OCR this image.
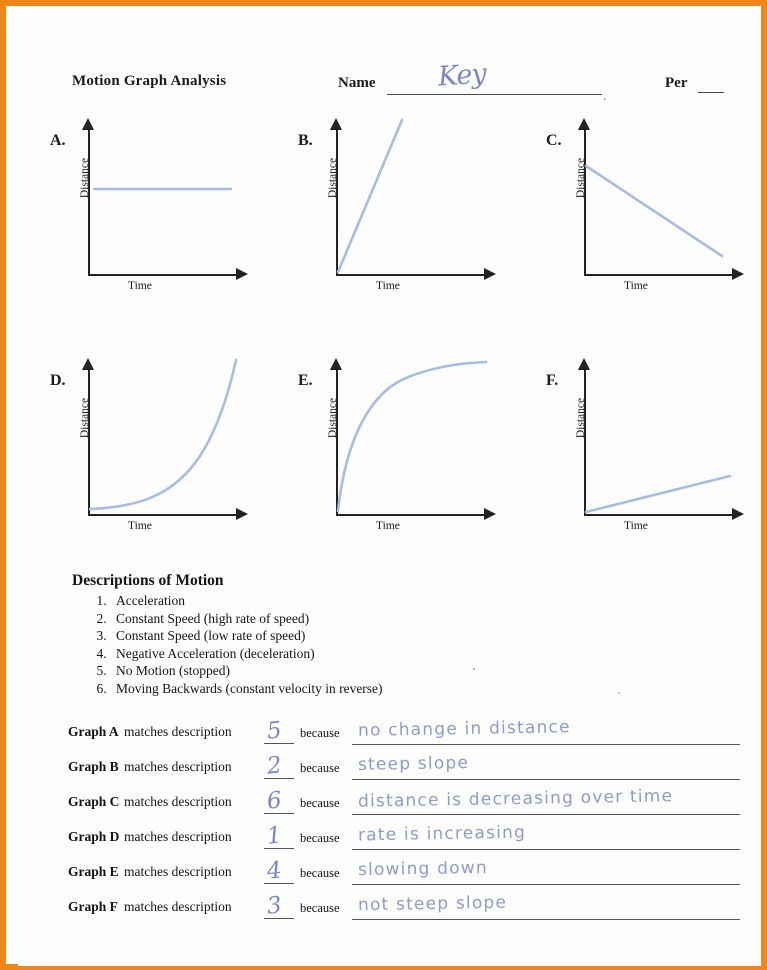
Motion Graph Analysis	Name Key
.
Per
A.
Distance
Time
B.
Distance
Time
C.
Distance
Time
D.
Distance
Time
E.
Distance
Time
F.
Distance
Time
Descriptions of Motion
1. Acceleration
2. Constant Speed (high rate of speed)
3. Constant Speed (low rate of speed)
4. Negative Acceleration (deceleration)
5. No Motion (stopped)
6. Moving Backwards (constant velocity in reverse)
Graph A matches description 5 because no change in distance
Graph B matches description 2 because steep slope
Graph C matches description 6 because distance is decreasing over time
Graph D matches description 1 because rate is increasing
Graph E matches description 4 because slowing down
Graph F matches description 3 because not steep slope
